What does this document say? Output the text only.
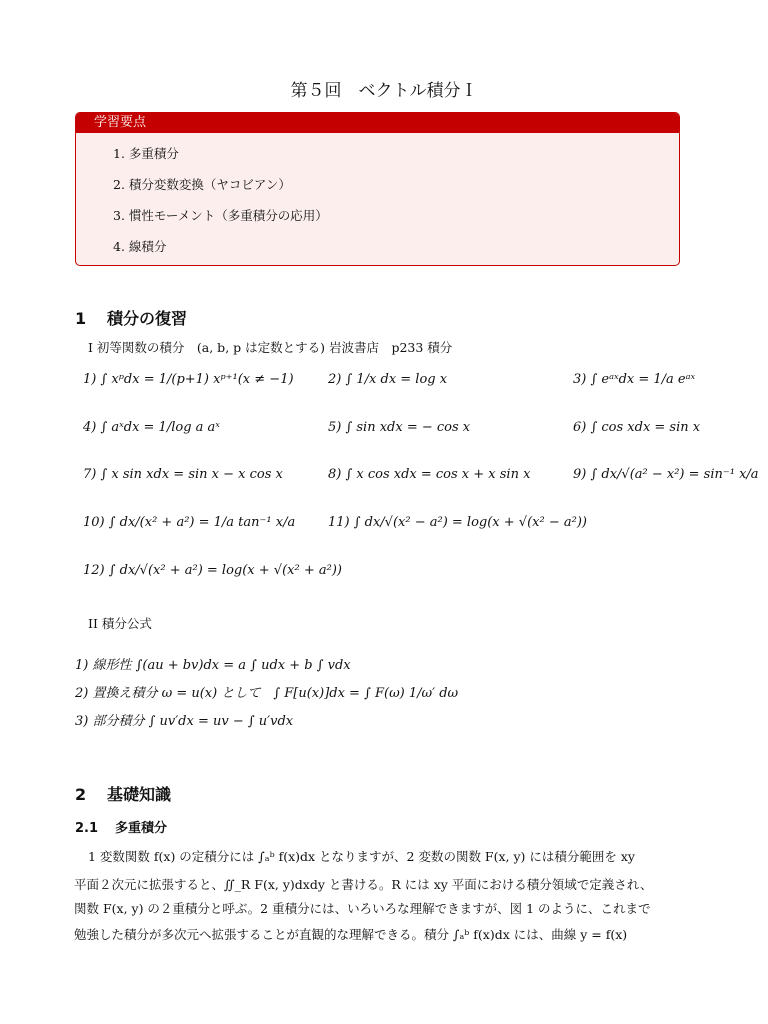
第５回　ベクトル積分Ｉ
学習要点
1. 多重積分
2. 積分変数変換（ヤコビアン）
3. 慣性モーメント（多重積分の応用）
4. 線積分
1 積分の復習
I 初等関数の積分　(a, b, p は定数とする) 岩波書店　p233 積分
1) ∫ xᵖdx = 1/(p+1) xᵖ⁺¹(x ≠ −1)	2) ∫ 1/x dx = log x	3) ∫ eᵃˣdx = 1/a eᵃˣ
4) ∫ aˣdx = 1/log a aˣ	5) ∫ sin xdx = − cos x	6) ∫ cos xdx = sin x
7) ∫ x sin xdx = sin x − x cos x	8) ∫ x cos xdx = cos x + x sin x	9) ∫ dx/√(a² − x²) = sin⁻¹ x/a
10) ∫ dx/(x² + a²) = 1/a tan⁻¹ x/a	11) ∫ dx/√(x² − a²) = log(x + √(x² − a²))
12) ∫ dx/√(x² + a²) = log(x + √(x² + a²))
II 積分公式
1) 線形性 ∫(au + bv)dx = a ∫ udx + b ∫ vdx
2) 置換え積分 ω = u(x) として　∫ F[u(x)]dx = ∫ F(ω) 1/ω′ dω
3) 部分積分 ∫ uv′dx = uv − ∫ u′vdx
2 基礎知識
2.1 多重積分
1 変数関数 f(x) の定積分には ∫ₐᵇ f(x)dx となりますが、2 変数の関数 F(x, y) には積分範囲を xy
平面２次元に拡張すると、∬_R F(x, y)dxdy と書ける。R には xy 平面における積分領域で定義され、
関数 F(x, y) の２重積分と呼ぶ。2 重積分には、いろいろな理解できますが、図 1 のように、これまで
勉強した積分が多次元へ拡張することが直観的な理解できる。積分 ∫ₐᵇ f(x)dx には、曲線 y = f(x)
